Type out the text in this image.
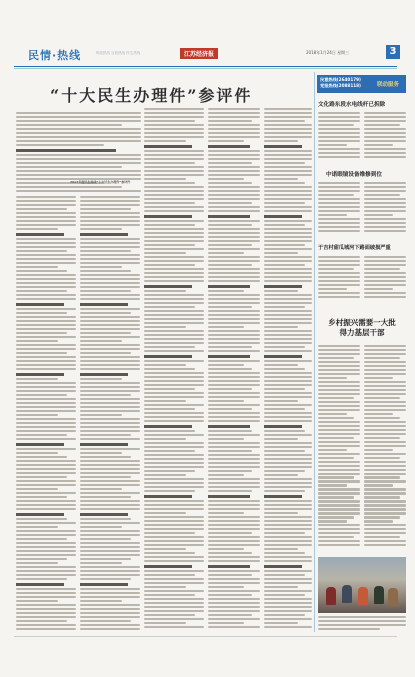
民情·热线	时政热线 百姓热线 民生热线	江苏经济报	2018年1月24日 星期三	3
“十大民生办理件”参评件
2017年度民生热线“十大民生办理件”参评件
民意热线(2640179)
党报热线(2088118)	联动服务
文化路东段水电线杆已拆除
中诺眼镜设备维修到位
于吉村甜瓜城河下路面破损严重
乡村振兴需要一大批得力基层干部
